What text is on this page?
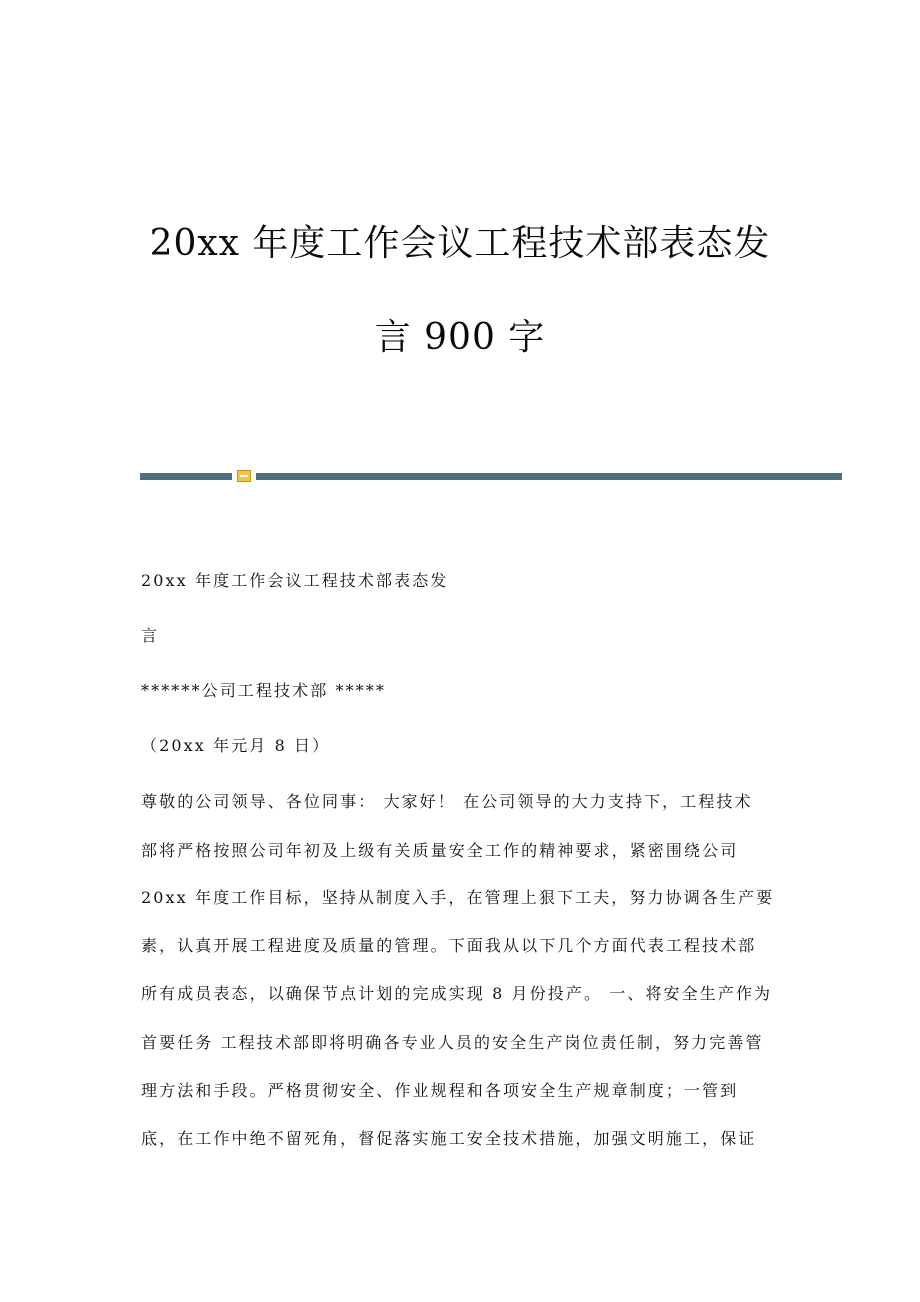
20xx 年度工作会议工程技术部表态发
言 900 字
20xx 年度工作会议工程技术部表态发
言
******公司工程技术部 *****
（20xx 年元月 8 日）
尊敬的公司领导、各位同事： 大家好！ 在公司领导的大力支持下，工程技术
部将严格按照公司年初及上级有关质量安全工作的精神要求，紧密围绕公司
20xx 年度工作目标，坚持从制度入手，在管理上狠下工夫，努力协调各生产要
素，认真开展工程进度及质量的管理。下面我从以下几个方面代表工程技术部
所有成员表态，以确保节点计划的完成实现 8 月份投产。 一、将安全生产作为
首要任务 工程技术部即将明确各专业人员的安全生产岗位责任制，努力完善管
理方法和手段。严格贯彻安全、作业规程和各项安全生产规章制度；一管到
底，在工作中绝不留死角，督促落实施工安全技术措施，加强文明施工，保证
